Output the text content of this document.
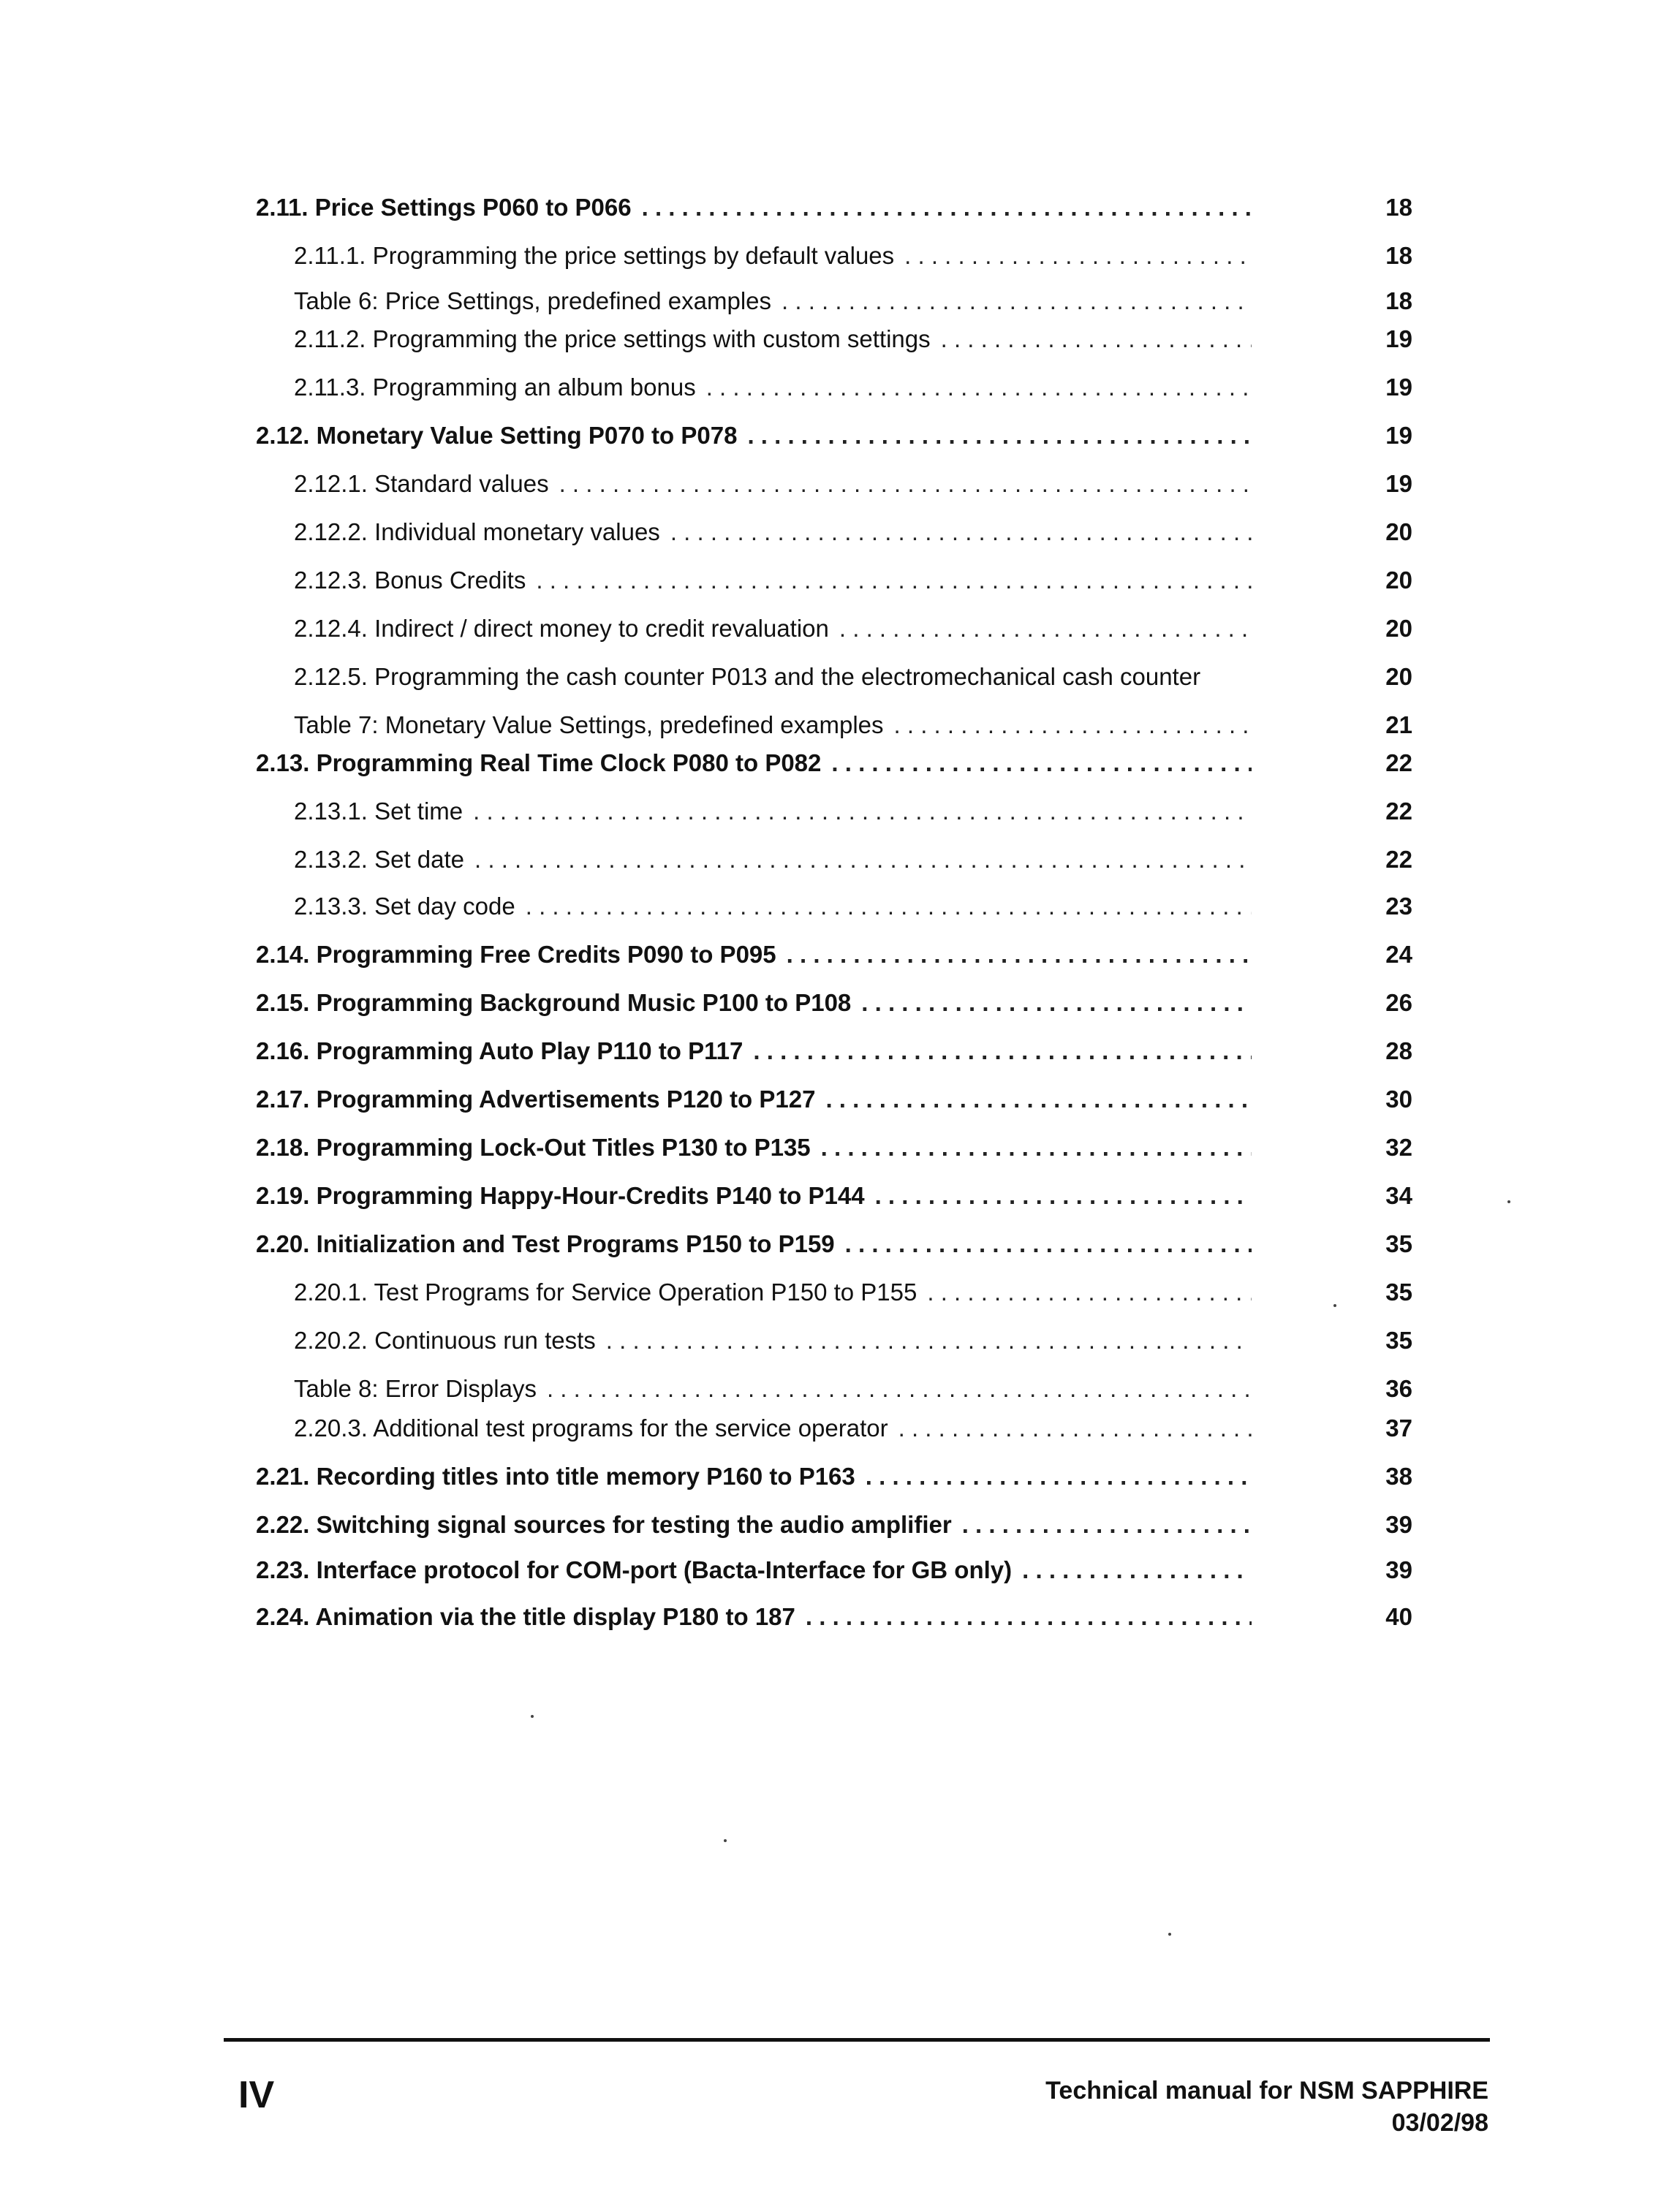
2.11. Price Settings P060 to P066 . . .	18
2.11.1. Programming the price settings by default values . . .	18
Table 6: Price Settings, predefined examples . . .	18
2.11.2. Programming the price settings with custom settings . . .	19
2.11.3. Programming an album bonus . . .	19
2.12. Monetary Value Setting P070 to P078 . . .	19
2.12.1. Standard values . . .	19
2.12.2. Individual monetary values . . .	20
2.12.3. Bonus Credits . . .	20
2.12.4. Indirect / direct money to credit revaluation . . .	20
2.12.5. Programming the cash counter P013 and the electromechanical cash counter	20
Table 7: Monetary Value Settings, predefined examples . . .	21
2.13. Programming Real Time Clock P080 to P082 . . .	22
2.13.1. Set time . . .	22
2.13.2. Set date . . .	22
2.13.3. Set day code . . .	23
2.14. Programming Free Credits P090 to P095 . . .	24
2.15. Programming Background Music P100 to P108 . . .	26
2.16. Programming Auto Play P110 to P117 . . .	28
2.17. Programming Advertisements P120 to P127 . . .	30
2.18. Programming Lock-Out Titles P130 to P135 . . .	32
2.19. Programming Happy-Hour-Credits P140 to P144 . . .	34
2.20. Initialization and Test Programs P150 to P159 . . .	35
2.20.1. Test Programs for Service Operation P150 to P155 . . .	35
2.20.2. Continuous run tests . . .	35
Table 8: Error Displays . . .	36
2.20.3. Additional test programs for the service operator . . .	37
2.21. Recording titles into title memory P160 to P163 . . .	38
2.22. Switching signal sources for testing the audio amplifier . . .	39
2.23. Interface protocol for COM-port (Bacta-Interface for GB only) . . .	39
2.24. Animation via the title display P180 to 187 . . .	40
IV	Technical manual for NSM SAPPHIRE
03/02/98
